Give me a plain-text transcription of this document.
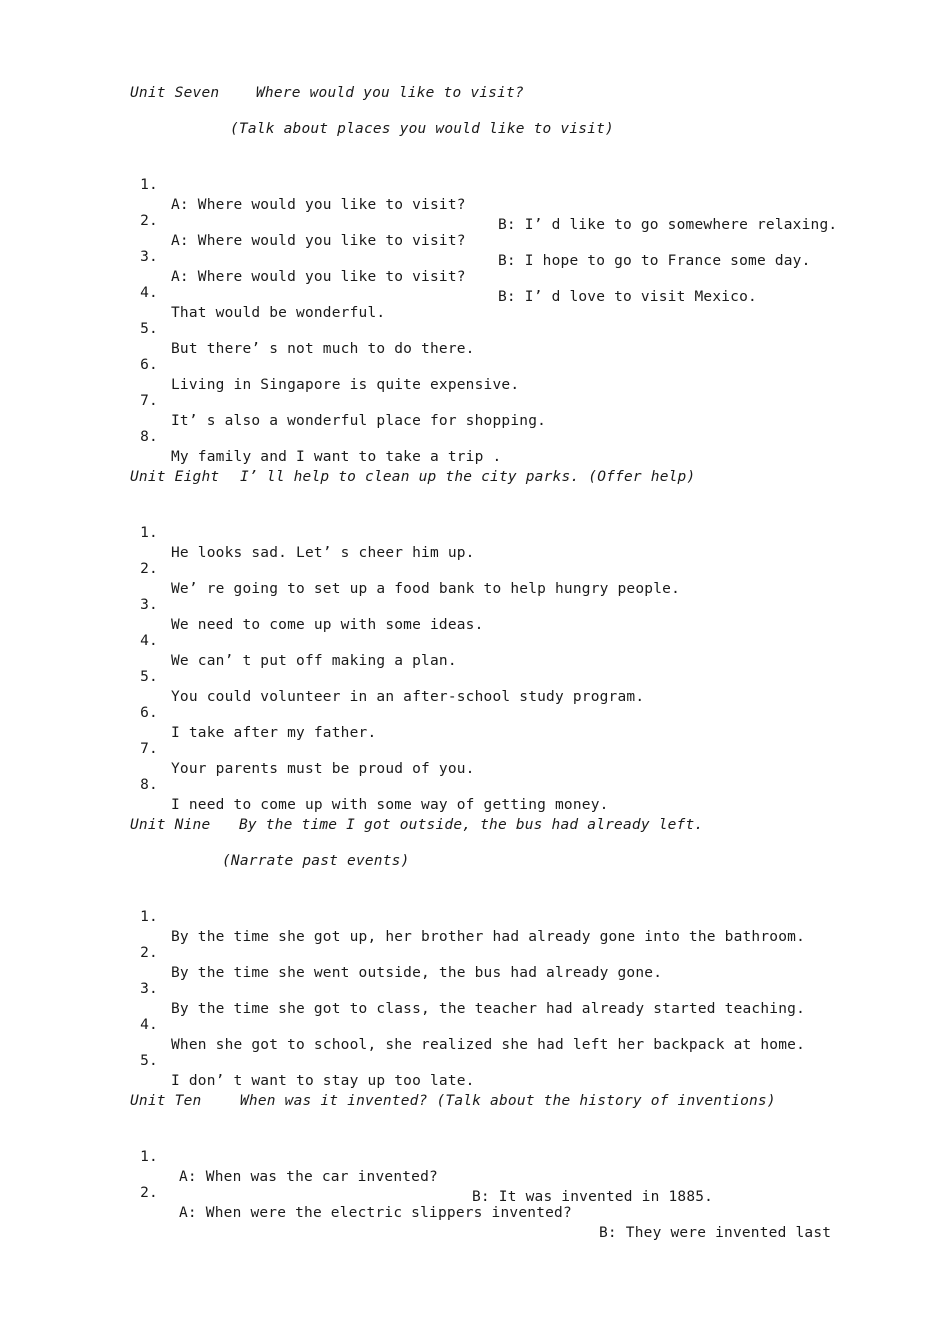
Unit Seven	Where would you like to visit?
(Talk about places you would like to visit)

1.

A: Where would you like to visit?

B: I’ d like to go somewhere relaxing.

2.

A: Where would you like to visit?

B: I hope to go to France some day.

3.

A: Where would you like to visit?

B: I’ d love to visit Mexico.

4.

That would be wonderful.

5.

But there’ s not much to do there.

6.

Living in Singapore is quite expensive.

7.

It’ s also a wonderful place for shopping.

8.

My family and I want to take a trip .

Unit Eight I’ ll help to clean up the city parks. (Offer help)

1.

He looks sad. Let’ s cheer him up.

2.

We’ re going to set up a food bank to help hungry people.

3.

We need to come up with some ideas.

4.

We can’ t put off making a plan.

5.

You could volunteer in an after-school study program.

6.

I take after my father.

7.

Your parents must be proud of you.

8.

I need to come up with some way of getting money.

Unit Nine By the time I got outside, the bus had already left.
(Narrate past events)

1.

By the time she got up, her brother had already gone into the bathroom.

2.

By the time she went outside, the bus had already gone.

3.

By the time she got to class, the teacher had already started teaching.

4.

When she got to school, she realized she had left her backpack at home.

5.

I don’ t want to stay up too late.

Unit Ten	When was it invented? (Talk about the history of inventions)

1.

A: When was the car invented?

B: It was invented in 1885.

2.

A: When were the electric slippers invented?

B: They were invented last
